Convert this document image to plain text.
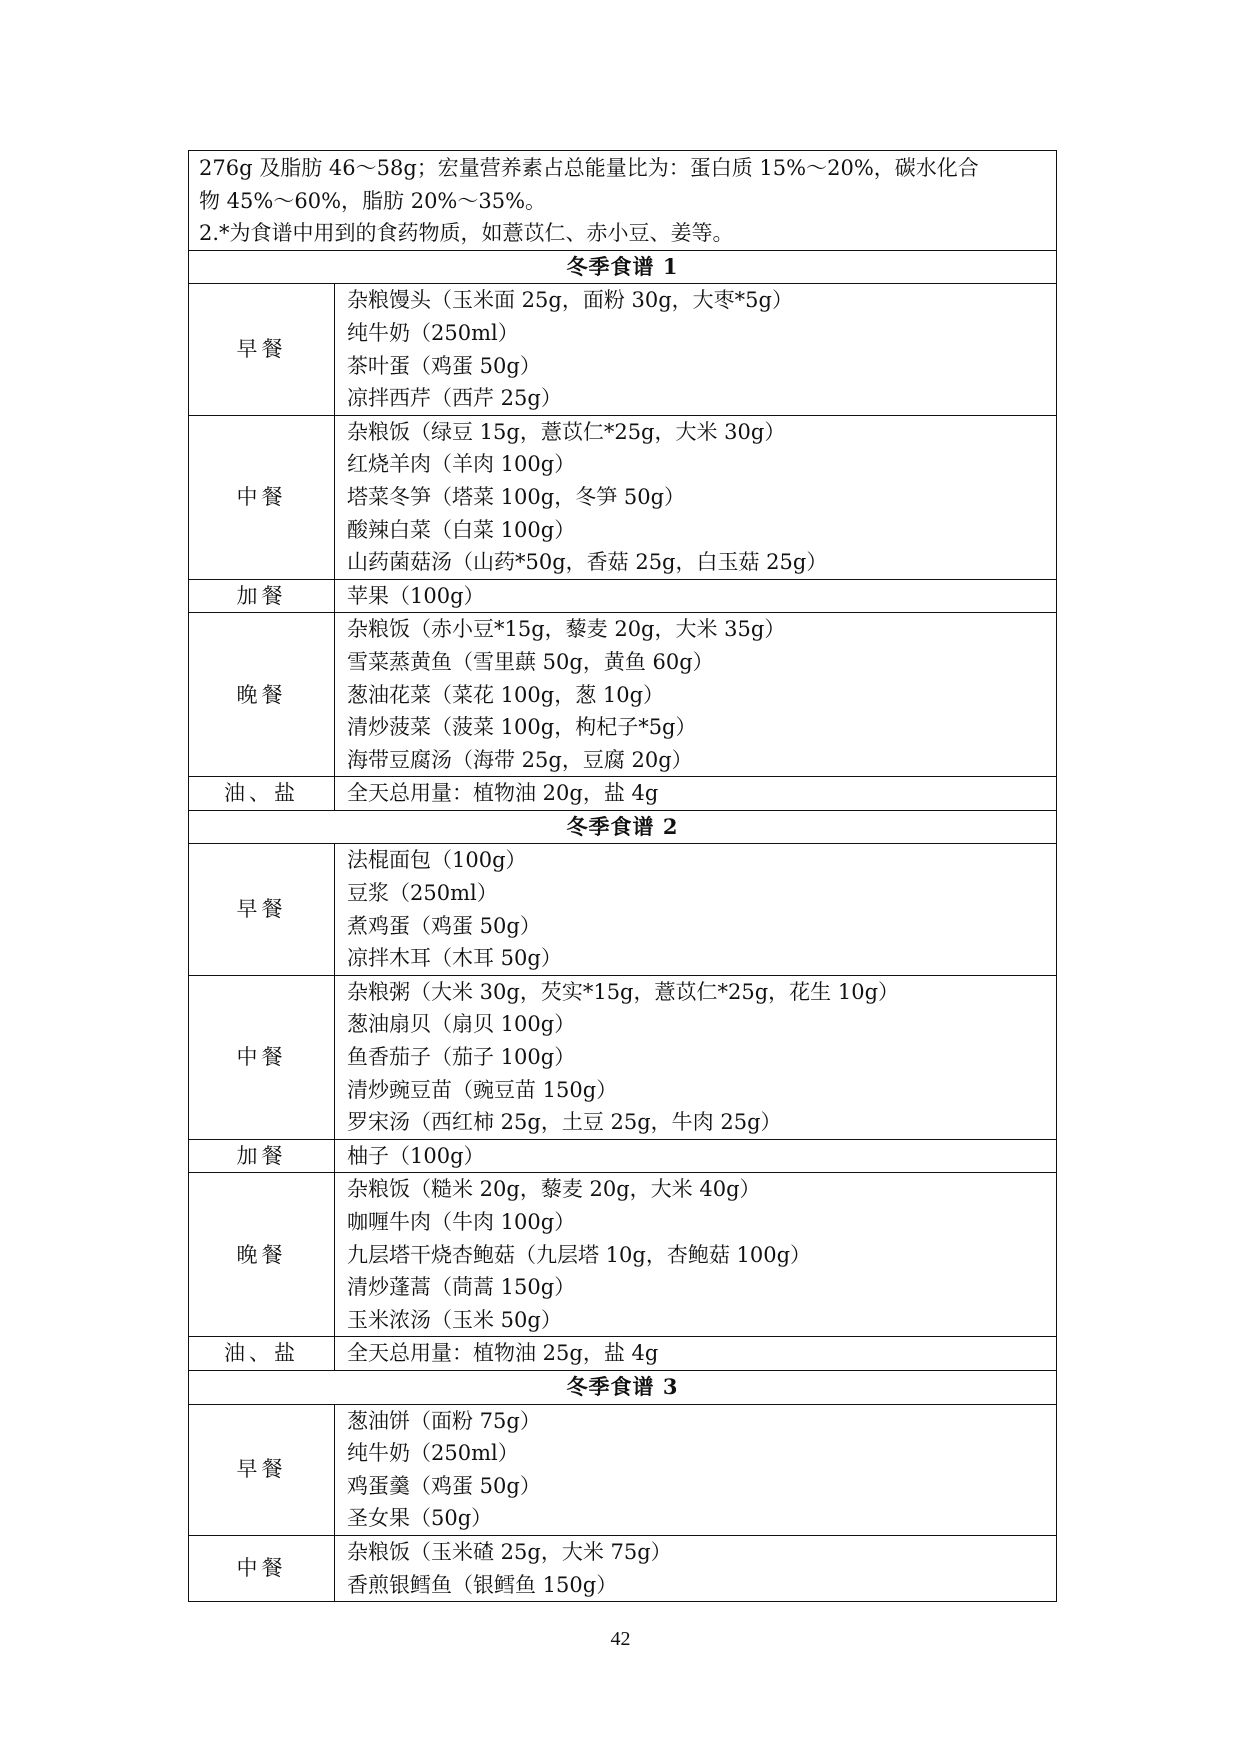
276g 及脂肪 46～58g；宏量营养素占总能量比为：蛋白质 15%～20%，碳水化合
物 45%～60%，脂肪 20%～35%。
2.*为食谱中用到的食药物质，如薏苡仁、赤小豆、姜等。	

冬季食谱 1	
早餐	杂粮馒头（玉米面 25g，面粉 30g，大枣*5g）
纯牛奶（250ml）
茶叶蛋（鸡蛋 50g）
凉拌西芹（西芹 25g）

中餐	杂粮饭（绿豆 15g，薏苡仁*25g，大米 30g）
红烧羊肉（羊肉 100g）
塔菜冬笋（塔菜 100g，冬笋 50g）
酸辣白菜（白菜 100g）
山药菌菇汤（山药*50g，香菇 25g，白玉菇 25g）

加餐	苹果（100g）

晚餐	杂粮饭（赤小豆*15g，藜麦 20g，大米 35g）
雪菜蒸黄鱼（雪里蕻 50g，黄鱼 60g）
葱油花菜（菜花 100g，葱 10g）
清炒菠菜（菠菜 100g，枸杞子*5g）
海带豆腐汤（海带 25g，豆腐 20g）

油、盐	全天总用量：植物油 20g，盐 4g

冬季食谱 2	
早餐	法棍面包（100g）
豆浆（250ml）
煮鸡蛋（鸡蛋 50g）
凉拌木耳（木耳 50g）

中餐	杂粮粥（大米 30g，芡实*15g，薏苡仁*25g，花生 10g）
葱油扇贝（扇贝 100g）
鱼香茄子（茄子 100g）
清炒豌豆苗（豌豆苗 150g）
罗宋汤（西红柿 25g，土豆 25g，牛肉 25g）

加餐	柚子（100g）

晚餐	杂粮饭（糙米 20g，藜麦 20g，大米 40g）
咖喱牛肉（牛肉 100g）
九层塔干烧杏鲍菇（九层塔 10g，杏鲍菇 100g）
清炒蓬蒿（茼蒿 150g）
玉米浓汤（玉米 50g）

油、盐	全天总用量：植物油 25g，盐 4g

冬季食谱 3	
早餐	葱油饼（面粉 75g）
纯牛奶（250ml）
鸡蛋羹（鸡蛋 50g）
圣女果（50g）

中餐	杂粮饭（玉米碴 25g，大米 75g）
香煎银鳕鱼（银鳕鱼 150g）
42
